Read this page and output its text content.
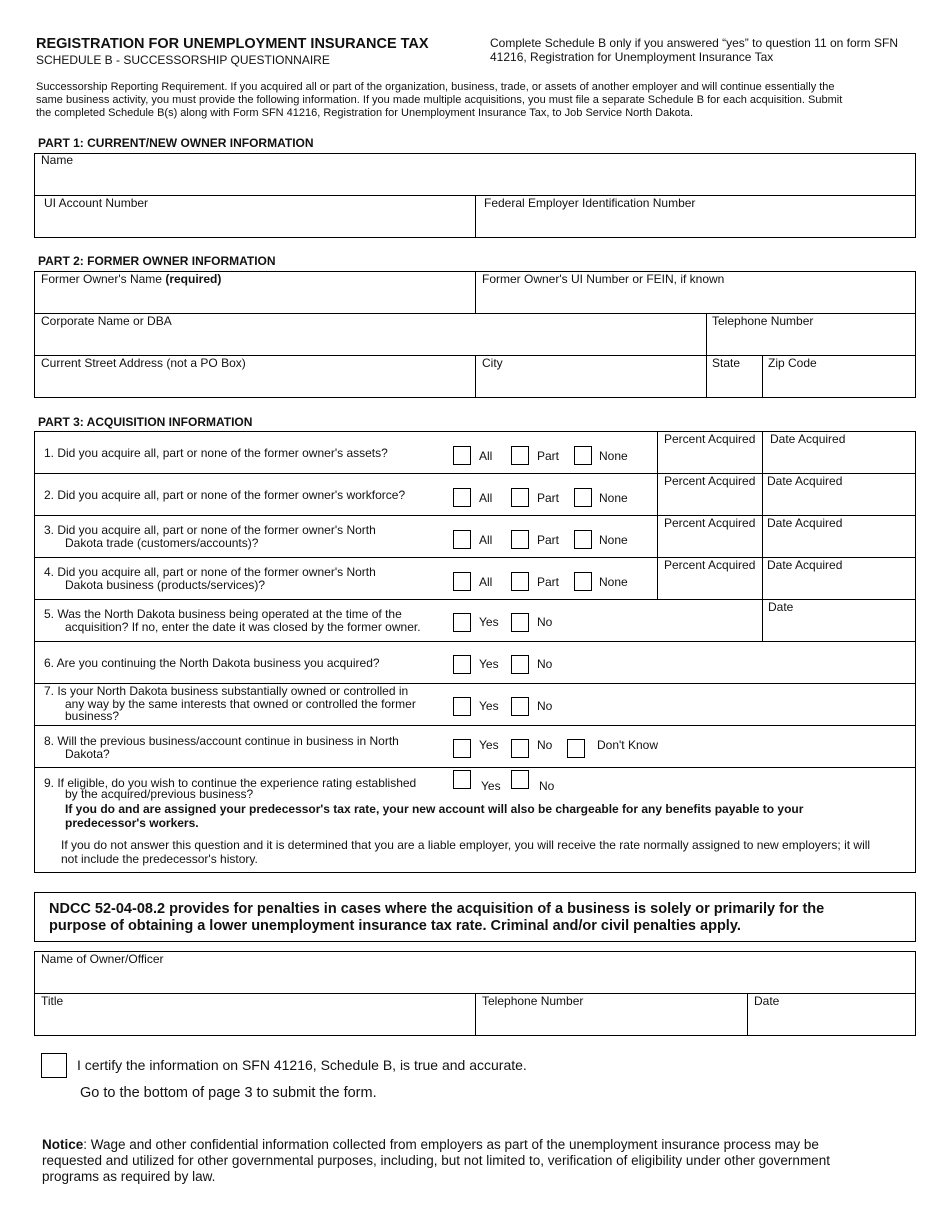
REGISTRATION FOR UNEMPLOYMENT INSURANCE TAX
SCHEDULE B - SUCCESSORSHIP QUESTIONNAIRE
Complete Schedule B only if you answered “yes” to question 11 on form SFN
41216, Registration for Unemployment Insurance Tax
Successorship Reporting Requirement. If you acquired all or part of the organization, business, trade, or assets of another employer and will continue essentially the
same business activity, you must provide the following information. If you made multiple acquisitions, you must file a separate Schedule B for each acquisition. Submit
the completed Schedule B(s) along with Form SFN 41216, Registration for Unemployment Insurance Tax, to Job Service North Dakota.
PART 1: CURRENT/NEW OWNER INFORMATION
Name
UI Account Number	Federal Employer Identification Number
PART 2: FORMER OWNER INFORMATION
Former Owner's Name (required)	Former Owner's UI Number or FEIN, if known
Corporate Name or DBA	Telephone Number
Current Street Address (not a PO Box)	City	State Zip Code
PART 3: ACQUISITION INFORMATION
1. Did you acquire all, part or none of the former owner's assets?	All	Part	None
Percent Acquired Date Acquired
2. Did you acquire all, part or none of the former owner's workforce?	All	Part	None
Percent Acquired Date Acquired
3. Did you acquire all, part or none of the former owner's North
Dakota trade (customers/accounts)?	All	Part	None
Percent Acquired Date Acquired
4. Did you acquire all, part or none of the former owner's North
Dakota business (products/services)?	All	Part	None
Percent Acquired Date Acquired
5. Was the North Dakota business being operated at the time of the
acquisition? If no, enter the date it was closed by the former owner.	Yes	No
Date
6. Are you continuing the North Dakota business you acquired?	Yes	No
7. Is your North Dakota business substantially owned or controlled in
any way by the same interests that owned or controlled the former
business?
Yes	No
8. Will the previous business/account continue in business in North
Dakota?
Yes	No	Don't Know
9. If eligible, do you wish to continue the experience rating established
by the acquired/previous business?
Yes	No
If you do and are assigned your predecessor's tax rate, your new account will also be chargeable for any benefits payable to your
predecessor's workers.
If you do not answer this question and it is determined that you are a liable employer, you will receive the rate normally assigned to new employers; it will
not include the predecessor's history.
NDCC 52-04-08.2 provides for penalties in cases where the acquisition of a business is solely or primarily for the
purpose of obtaining a lower unemployment insurance tax rate. Criminal and/or civil penalties apply.
Name of Owner/Officer
Title	Telephone Number	Date
I certify the information on SFN 41216, Schedule B, is true and accurate.
Go to the bottom of page 3 to submit the form.
Notice: Wage and other confidential information collected from employers as part of the unemployment insurance process may be
requested and utilized for other governmental purposes, including, but not limited to, verification of eligibility under other government
programs as required by law.
